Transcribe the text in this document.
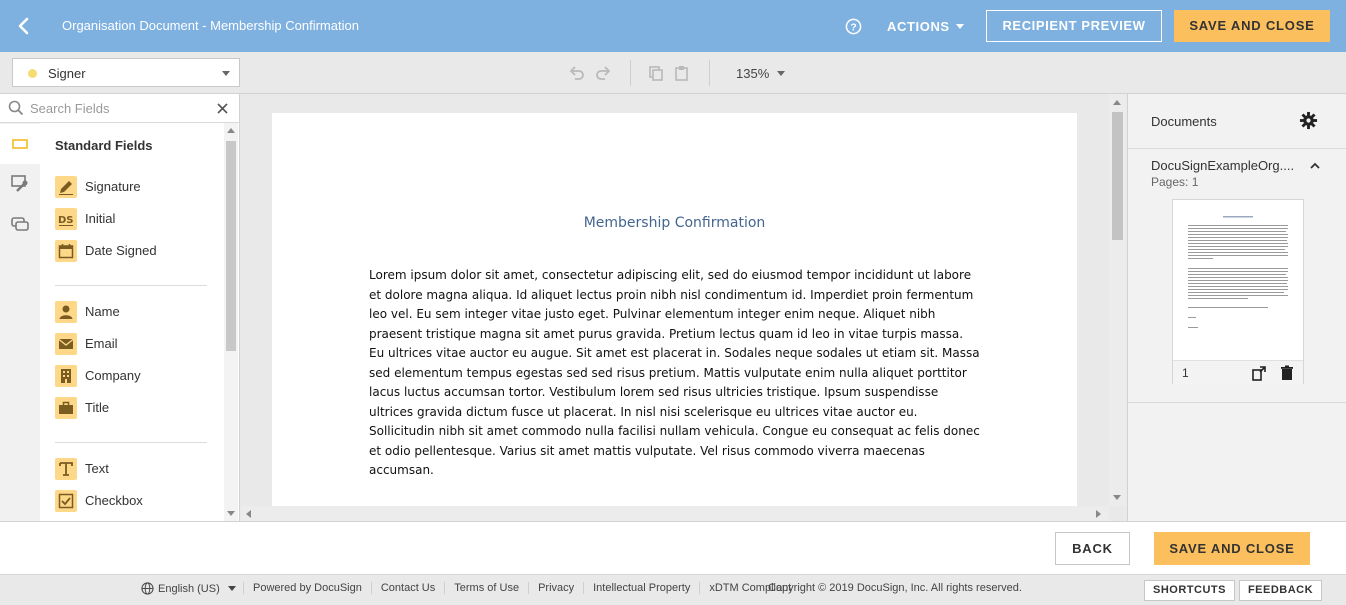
Organisation Document - Membership Confirmation	? ACTIONS	RECIPIENT PREVIEW	SAVE AND CLOSE
Signer	135%
Search Fields
Standard Fields
Signature
DS Initial
Date Signed
Name
Email
Company
Title
Text
Checkbox
Membership Confirmation
Lorem ipsum dolor sit amet, consectetur adipiscing elit, sed do eiusmod tempor incididunt ut labore et dolore magna aliqua. Id aliquet lectus proin nibh nisl condimentum id. Imperdiet proin fermentum leo vel. Eu sem integer vitae justo eget. Pulvinar elementum integer enim neque. Aliquet nibh praesent tristique magna sit amet purus gravida. Pretium lectus quam id leo in vitae turpis massa. Eu ultrices vitae auctor eu augue. Sit amet est placerat in. Sodales neque sodales ut etiam sit. Massa sed elementum tempus egestas sed sed risus pretium. Mattis vulputate enim nulla aliquet porttitor lacus luctus accumsan tortor. Vestibulum lorem sed risus ultricies tristique. Ipsum suspendisse ultrices gravida dictum fusce ut placerat. In nisl nisi scelerisque eu ultrices vitae auctor eu. Sollicitudin nibh sit amet commodo nulla facilisi nullam vehicula. Congue eu consequat ac felis donec et odio pellentesque. Varius sit amet mattis vulputate. Vel risus commodo viverra maecenas accumsan.
Documents
DocuSignExampleOrg....
Pages: 1
1
BACK	SAVE AND CLOSE
English (US)	Powered by DocuSign Contact Us Terms of Use Privacy Intellectual Property xDTM Compliant
Copyright © 2019 DocuSign, Inc. All rights reserved.	SHORTCUTS	FEEDBACK
